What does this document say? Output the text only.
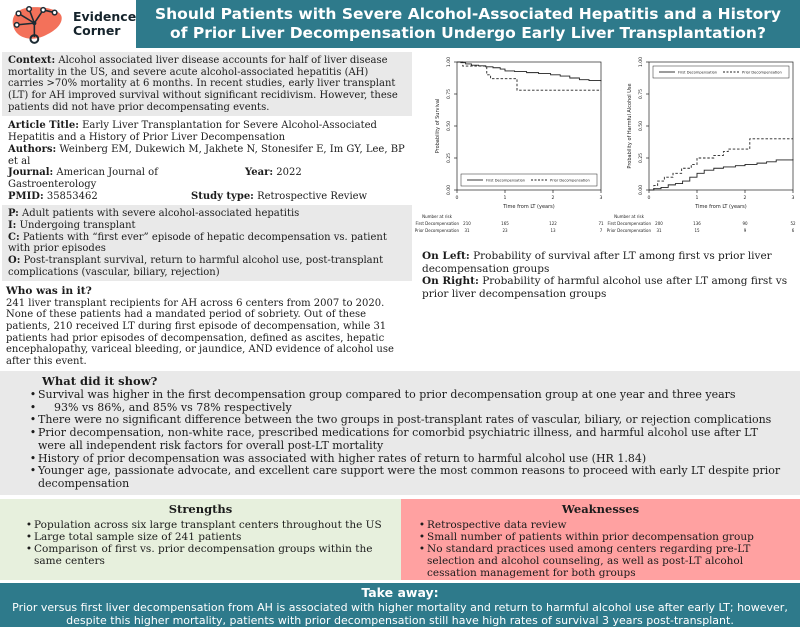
Evidence
Corner
Should Patients with Severe Alcohol-Associated Hepatitis and a History of Prior Liver Decompensation Undergo Early Liver Transplantation?
Context: Alcohol associated liver disease accounts for half of liver disease mortality in the US, and severe acute alcohol-associated hepatitis (AH) carries >70% mortality at 6 months. In recent studies, early liver transplant (LT) for AH improved survival without significant recidivism. However, these patients did not have prior decompensating events.

Article Title: Early Liver Transplantation for Severe Alcohol-Associated Hepatitis and a History of Prior Liver Decompensation

Authors: Weinberg EM, Dukewich M, Jakhete N, Stonesifer E, Im GY, Lee, BP et al

Journal: American Journal of Gastroenterology

Year: 2022

PMID: 35853462	Study type: Retrospective Review

P: Adult patients with severe alcohol-associated hepatitis
I: Undergoing transplant
C: Patients with “first ever” episode of hepatic decompensation vs. patient with prior episodes
O: Post-transplant survival, return to harmful alcohol use, post-transplant complications (vascular, biliary, rejection)
Who was in it?

241 liver transplant recipients for AH across 6 centers from 2007 to 2020. None of these patients had a mandated period of sobriety. Out of these patients, 210 received LT during first episode of decompensation, while 31 patients had prior episodes of decompensation, defined as ascites, hepatic encephalopathy, variceal bleeding, or jaundice, AND evidence of alcohol use after this event.

0	1	2	3
0.00
0.25
0.50
0.75
1.00
Time from LT (years)
Probability of Survival
First Decompensation	Prior Decompensation
Number at risk
First Decompensation 210	165	122	71
Prior Decompensation 31	23	13	7
0	1	2	3
0.00
0.25
0.50
0.75
1.00
Time from LT (years)
Probability of Harmful Alcohol Use
First Decompensation	Prior Decompensation
Number at risk
First Decompensation 200	136	90	52
Prior Decompensation 31	15	9	6

On Left: Probability of survival after LT among first vs prior liver decompensation groups

On Right: Probability of harmful alcohol use after LT among first vs prior liver decompensation groups

What did it show?
•
Survival was higher in the first decompensation group compared to prior decompensation group at one year and three years
•
93% vs 86%, and 85% vs 78% respectively
•
There were no significant difference between the two groups in post-transplant rates of vascular, biliary, or rejection complications
•
Prior decompensation, non-white race, prescribed medications for comorbid psychiatric illness, and harmful alcohol use after LT were all independent risk factors for overall post-LT mortality
•
History of prior decompensation was associated with higher rates of return to harmful alcohol use (HR 1.84)
•
Younger age, passionate advocate, and excellent care support were the most common reasons to proceed with early LT despite prior decompensation
Strengths
•
Population across six large transplant centers throughout the US
•
Large total sample size of 241 patients
•
Comparison of first vs. prior decompensation groups within the same centers
Weaknesses
•
Retrospective data review
•
Small number of patients within prior decompensation group
•
No standard practices used among centers regarding pre-LT selection and alcohol counseling, as well as post-LT alcohol cessation management for both groups
Take away:

Prior versus first liver decompensation from AH is associated with higher mortality and return to harmful alcohol use after early LT; however, despite this higher mortality, patients with prior decompensation still have high rates of survival 3 years post-transplant.
